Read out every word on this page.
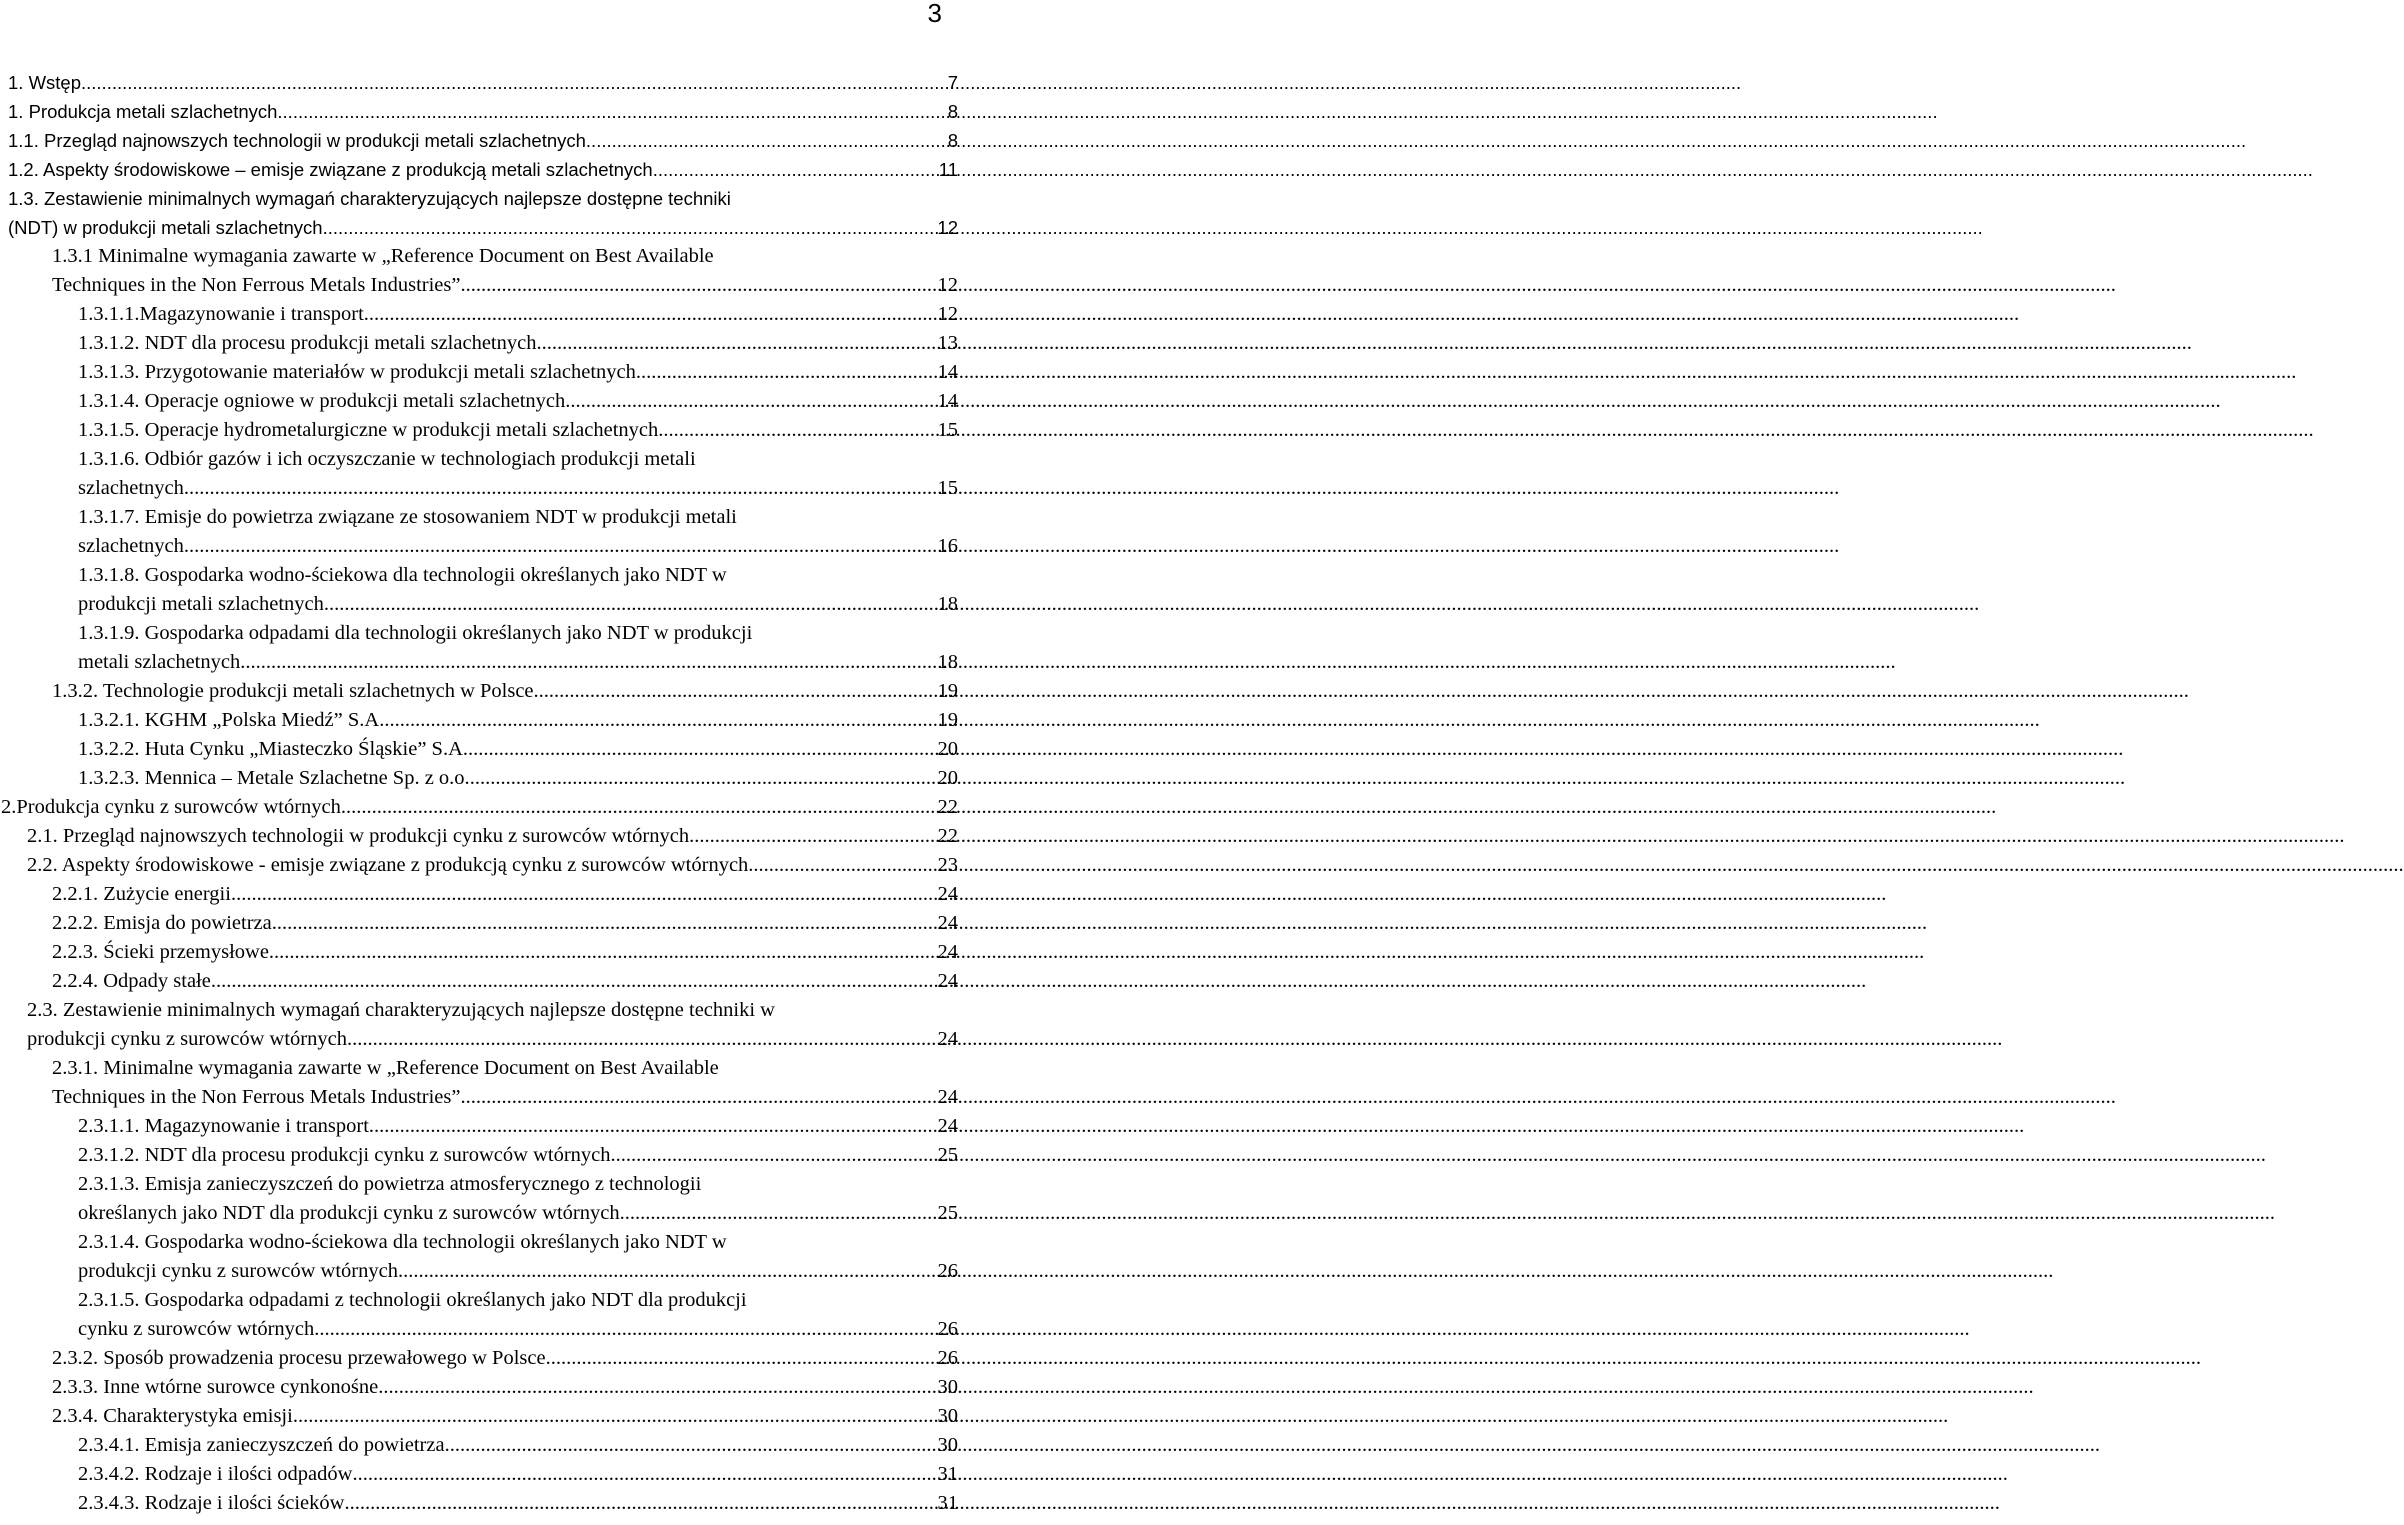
3
1. Wstęp .....	7
1. Produkcja metali szlachetnych .....	8
1.1. Przegląd najnowszych technologii w produkcji metali szlachetnych .....	8
1.2. Aspekty środowiskowe – emisje związane z produkcją metali szlachetnych .....	11
1.3. Zestawienie minimalnych wymagań charakteryzujących najlepsze dostępne techniki
(NDT) w produkcji metali szlachetnych .....	12
1.3.1 Minimalne wymagania zawarte w „Reference Document on Best Available
Techniques in the Non Ferrous Metals Industries” .....	12
1.3.1.1.Magazynowanie i transport .....	12
1.3.1.2. NDT dla procesu produkcji metali szlachetnych .....	13
1.3.1.3. Przygotowanie materiałów w produkcji metali szlachetnych. .....	14
1.3.1.4. Operacje ogniowe w produkcji metali szlachetnych .....	14
1.3.1.5. Operacje hydrometalurgiczne w produkcji metali szlachetnych .....	15
1.3.1.6. Odbiór gazów i ich oczyszczanie w technologiach produkcji metali
szlachetnych .....	15
1.3.1.7. Emisje do powietrza związane ze stosowaniem NDT w produkcji metali
szlachetnych .....	16
1.3.1.8. Gospodarka wodno-ściekowa dla technologii określanych jako NDT w
produkcji metali szlachetnych .....	18
1.3.1.9. Gospodarka odpadami dla technologii określanych jako NDT w produkcji
metali szlachetnych .....	18
1.3.2. Technologie produkcji metali szlachetnych w Polsce .....	19
1.3.2.1. KGHM „Polska Miedź” S.A. .....	19
1.3.2.2. Huta Cynku „Miasteczko Śląskie” S.A. .....	20
1.3.2.3. Mennica – Metale Szlachetne Sp. z o.o. .....	20
2.Produkcja cynku z surowców wtórnych .....	22
2.1. Przegląd najnowszych technologii w produkcji cynku z surowców wtórnych .....	22
2.2. Aspekty środowiskowe - emisje związane z produkcją cynku z surowców wtórnych .....	23
2.2.1. Zużycie energii .....	24
2.2.2. Emisja do powietrza .....	24
2.2.3. Ścieki przemysłowe .....	24
2.2.4. Odpady stałe .....	24
2.3. Zestawienie minimalnych wymagań charakteryzujących najlepsze dostępne techniki w
produkcji cynku z surowców wtórnych .....	24
2.3.1. Minimalne wymagania zawarte w „Reference Document on Best Available
Techniques in the Non Ferrous Metals Industries” .....	24
2.3.1.1. Magazynowanie i transport .....	24
2.3.1.2. NDT dla procesu produkcji cynku z surowców wtórnych .....	25
2.3.1.3. Emisja zanieczyszczeń do powietrza atmosferycznego z technologii
określanych jako NDT dla produkcji cynku z surowców wtórnych .....	25
2.3.1.4. Gospodarka wodno-ściekowa dla technologii określanych jako NDT w
produkcji cynku z surowców wtórnych .....	26
2.3.1.5. Gospodarka odpadami z technologii określanych jako NDT dla produkcji
cynku z surowców wtórnych .....	26
2.3.2. Sposób prowadzenia procesu przewałowego w Polsce .....	26
2.3.3. Inne wtórne surowce cynkonośne .....	30
2.3.4. Charakterystyka emisji .....	30
2.3.4.1. Emisja zanieczyszczeń do powietrza .....	30
2.3.4.2. Rodzaje i ilości odpadów .....	31
2.3.4.3. Rodzaje i ilości ścieków .....	31
